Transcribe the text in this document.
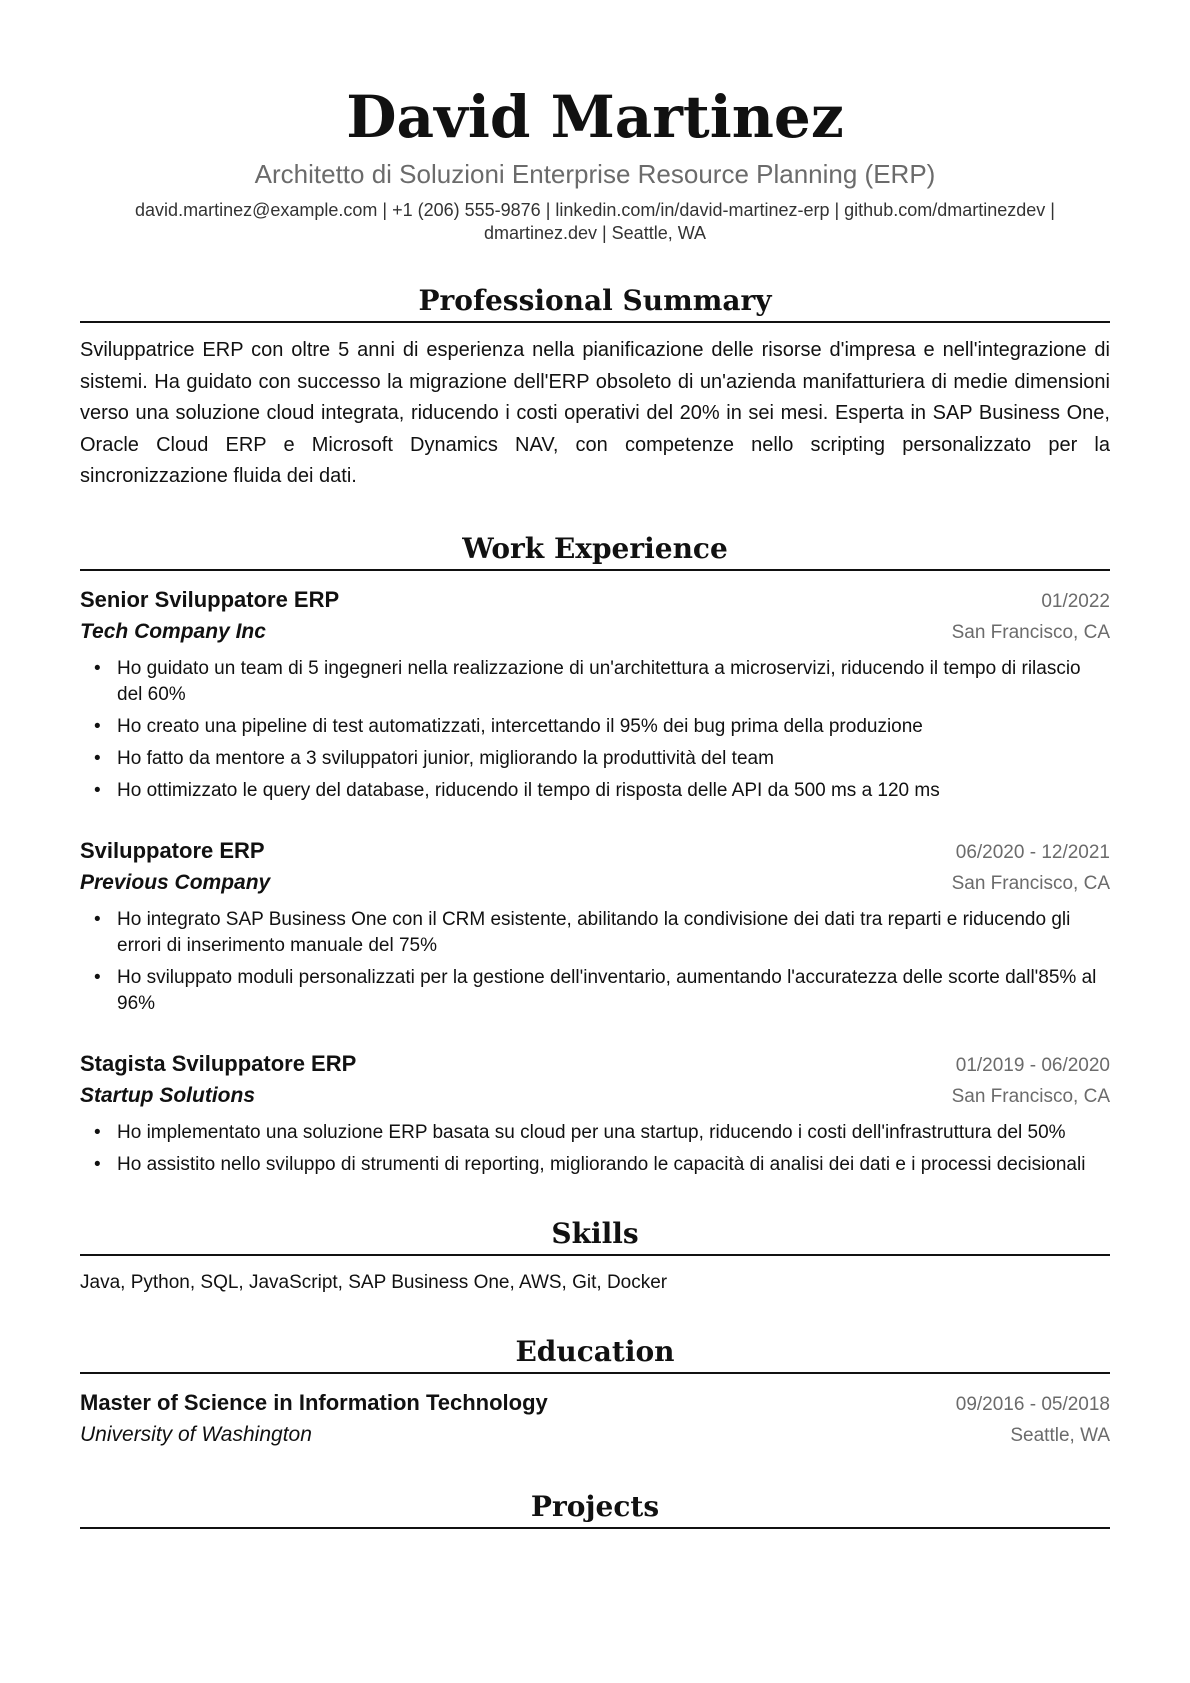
David Martinez
Architetto di Soluzioni Enterprise Resource Planning (ERP)
david.martinez@example.com | +1 (206) 555-9876 | linkedin.com/in/david-martinez-erp | github.com/dmartinezdev |
dmartinez.dev | Seattle, WA
Professional Summary
Sviluppatrice ERP con oltre 5 anni di esperienza nella pianificazione delle risorse d'impresa e nell'integrazione di sistemi. Ha guidato con successo la migrazione dell'ERP obsoleto di un'azienda manifatturiera di medie dimensioni verso una soluzione cloud integrata, riducendo i costi operativi del 20% in sei mesi. Esperta in SAP Business One, Oracle Cloud ERP e Microsoft Dynamics NAV, con competenze nello scripting personalizzato per la sincronizzazione fluida dei dati.
Work Experience
Senior Sviluppatore ERP	01/2022
Tech Company Inc	San Francisco, CA
• Ho guidato un team di 5 ingegneri nella realizzazione di un'architettura a microservizi, riducendo il tempo di rilascio del 60%
• Ho creato una pipeline di test automatizzati, intercettando il 95% dei bug prima della produzione
• Ho fatto da mentore a 3 sviluppatori junior, migliorando la produttività del team
• Ho ottimizzato le query del database, riducendo il tempo di risposta delle API da 500 ms a 120 ms
Sviluppatore ERP	06/2020 - 12/2021
Previous Company	San Francisco, CA
• Ho integrato SAP Business One con il CRM esistente, abilitando la condivisione dei dati tra reparti e riducendo gli errori di inserimento manuale del 75%
• Ho sviluppato moduli personalizzati per la gestione dell'inventario, aumentando l'accuratezza delle scorte dall'85% al 96%
Stagista Sviluppatore ERP	01/2019 - 06/2020
Startup Solutions	San Francisco, CA
• Ho implementato una soluzione ERP basata su cloud per una startup, riducendo i costi dell'infrastruttura del 50%
• Ho assistito nello sviluppo di strumenti di reporting, migliorando le capacità di analisi dei dati e i processi decisionali
Skills
Java, Python, SQL, JavaScript, SAP Business One, AWS, Git, Docker
Education
Master of Science in Information Technology	09/2016 - 05/2018
University of Washington	Seattle, WA
Projects
